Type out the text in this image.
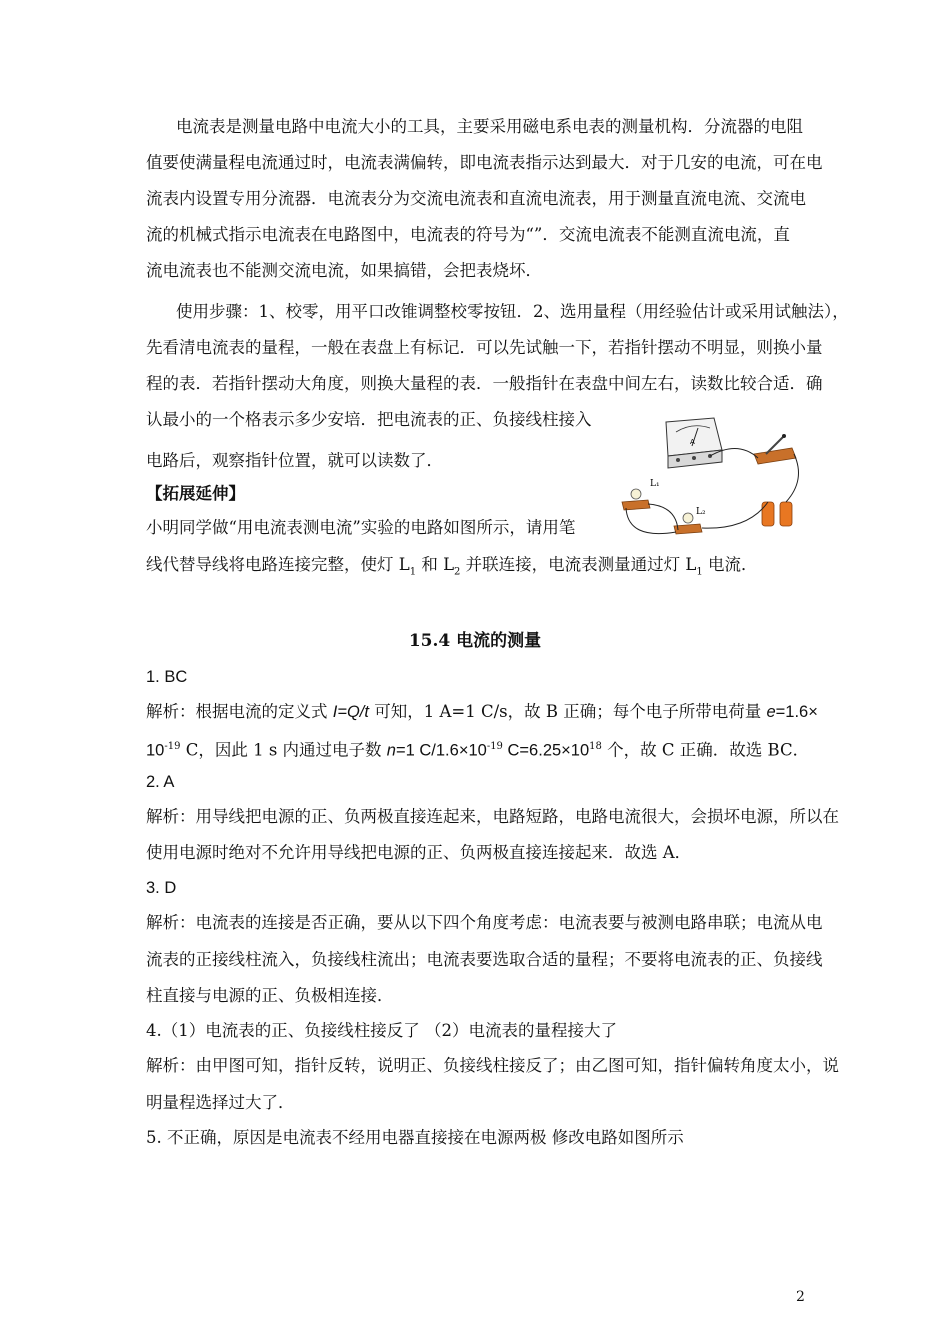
电流表是测量电路中电流大小的工具，主要采用磁电系电表的测量机构．分流器的电阻
值要使满量程电流通过时，电流表满偏转，即电流表指示达到最大．对于几安的电流，可在电
流表内设置专用分流器．电流表分为交流电流表和直流电流表，用于测量直流电流、交流电
流的机械式指示电流表在电路图中，电流表的符号为“”．交流电流表不能测直流电流，直
流电流表也不能测交流电流，如果搞错，会把表烧坏．
使用步骤：1、校零，用平口改锥调整校零按钮．2、选用量程（用经验估计或采用试触法），
先看清电流表的量程，一般在表盘上有标记．可以先试触一下，若指针摆动不明显，则换小量
程的表．若指针摆动大角度，则换大量程的表．一般指针在表盘中间左右，读数比较合适．确
认最小的一个格表示多少安培．把电流表的正、负接线柱接入
电路后，观察指针位置，就可以读数了．
【拓展延伸】
小明同学做“用电流表测电流”实验的电路如图所示，请用笔
线代替导线将电路连接完整，使灯 $L_1$ 和 $L_2$ 并联连接，电流表测量通过灯 $L_1$ 电流．
A
L₁
L₂
15.4 电流的测量
1. BC
解析：根据电流的定义式 I=Q/t 可知，1 A=1 C/s，故 B 正确；每个电子所带电荷量 e=1.6×
$10^{-19}$ C，因此 1 s 内通过电子数 n=1 $C/1.6\times 10^{-19}$ $C=6.25\times 10^{18}$ 个，故 C 正确．故选 BC．
2. A
解析：用导线把电源的正、负两极直接连起来，电路短路，电路电流很大，会损坏电源，所以在
使用电源时绝对不允许用导线把电源的正、负两极直接连接起来．故选 A．
3. D
解析：电流表的连接是否正确，要从以下四个角度考虑：电流表要与被测电路串联；电流从电
流表的正接线柱流入，负接线柱流出；电流表要选取合适的量程；不要将电流表的正、负接线
柱直接与电源的正、负极相连接．
4.（1）电流表的正、负接线柱接反了 （2）电流表的量程接大了
解析：由甲图可知，指针反转，说明正、负接线柱接反了；由乙图可知，指针偏转角度太小，说
明量程选择过大了．
5. 不正确，原因是电流表不经用电器直接接在电源两极 修改电路如图所示
2
